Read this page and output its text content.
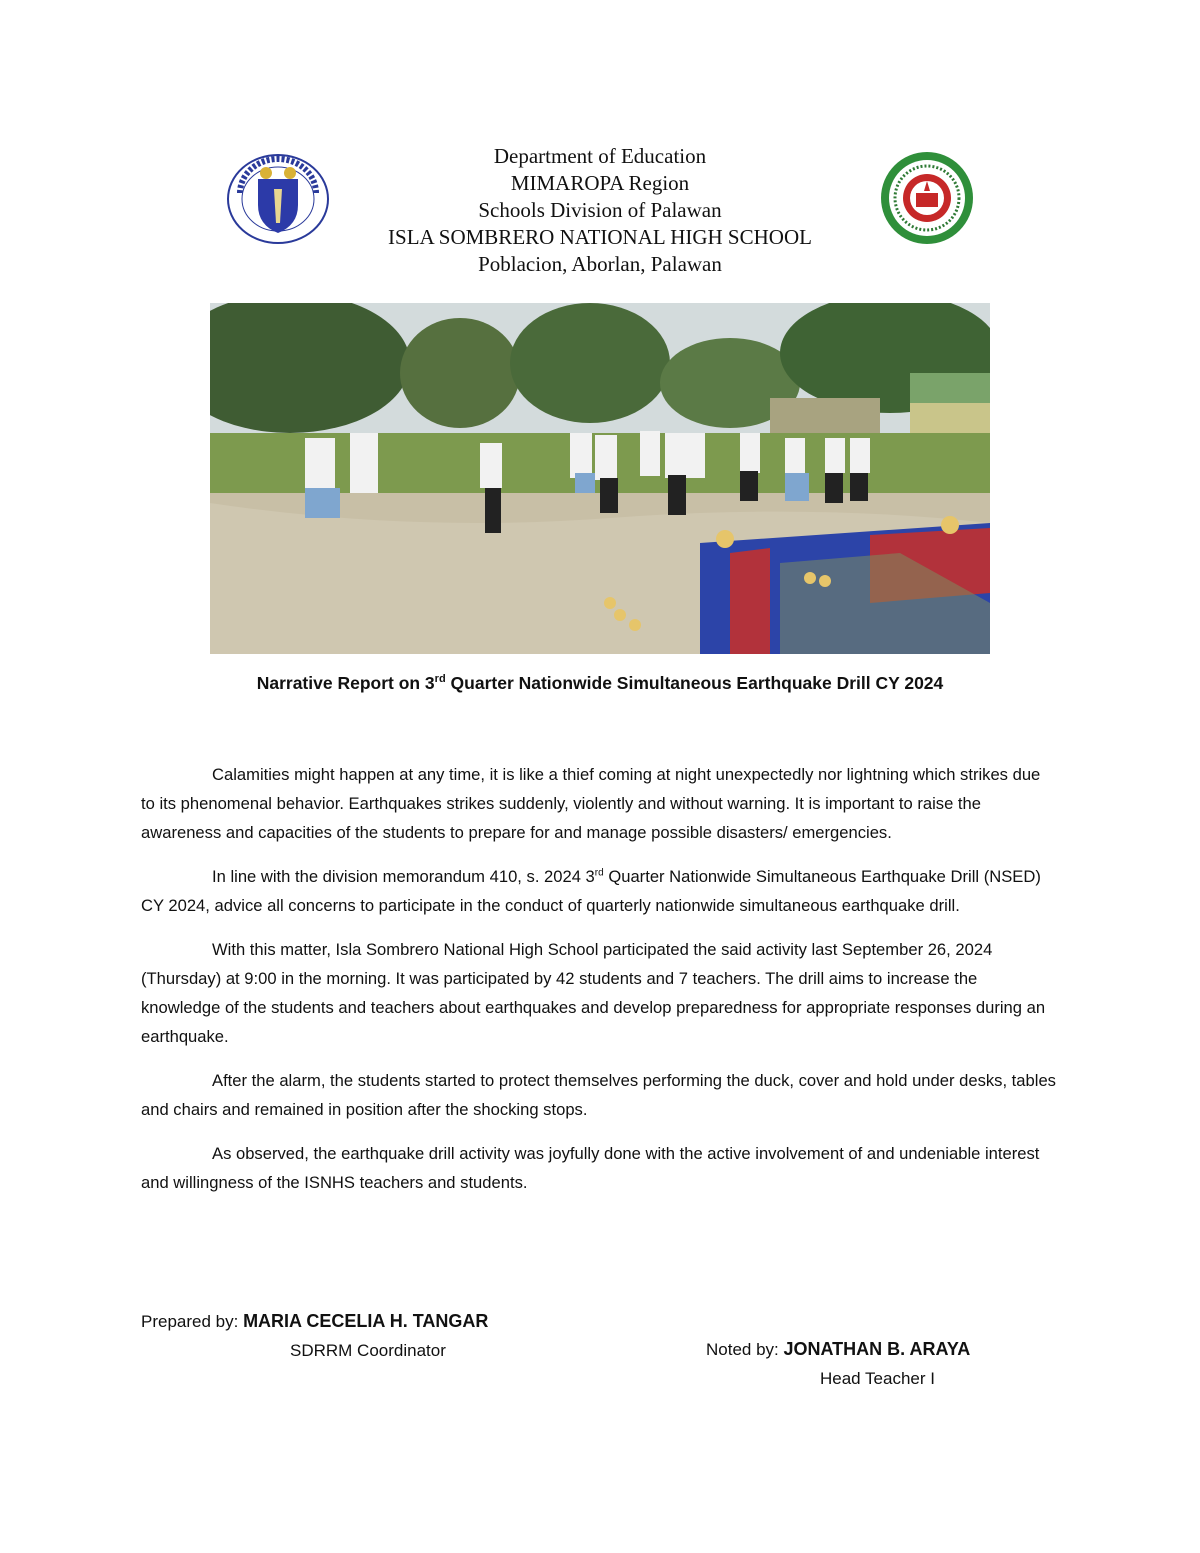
Department of Education
MIMAROPA Region
Schools Division of Palawan
ISLA SOMBRERO NATIONAL HIGH SCHOOL
Poblacion, Aborlan, Palawan
Narrative Report on 3rd Quarter Nationwide Simultaneous Earthquake Drill CY 2024

Calamities might happen at any time, it is like a thief coming at night unexpectedly nor lightning which strikes due to its phenomenal behavior. Earthquakes strikes suddenly, violently and without warning. It is important to raise the awareness and capacities of the students to prepare for and manage possible disasters/ emergencies.

In line with the division memorandum 410, s. 2024 3rd Quarter Nationwide Simultaneous Earthquake Drill (NSED) CY 2024, advice all concerns to participate in the conduct of quarterly nationwide simultaneous earthquake drill.

With this matter, Isla Sombrero National High School participated the said activity last September 26, 2024 (Thursday) at 9:00 in the morning. It was participated by 42 students and 7 teachers. The drill aims to increase the knowledge of the students and teachers about earthquakes and develop preparedness for appropriate responses during an earthquake.

After the alarm, the students started to protect themselves performing the duck, cover and hold under desks, tables and chairs and remained in position after the shocking stops.

As observed, the earthquake drill activity was joyfully done with the active involvement of and undeniable interest and willingness of the ISNHS teachers and students.

Prepared by: MARIA CECELIA H. TANGAR
SDRRM Coordinator	Noted by: JONATHAN B. ARAYA
Head Teacher I
